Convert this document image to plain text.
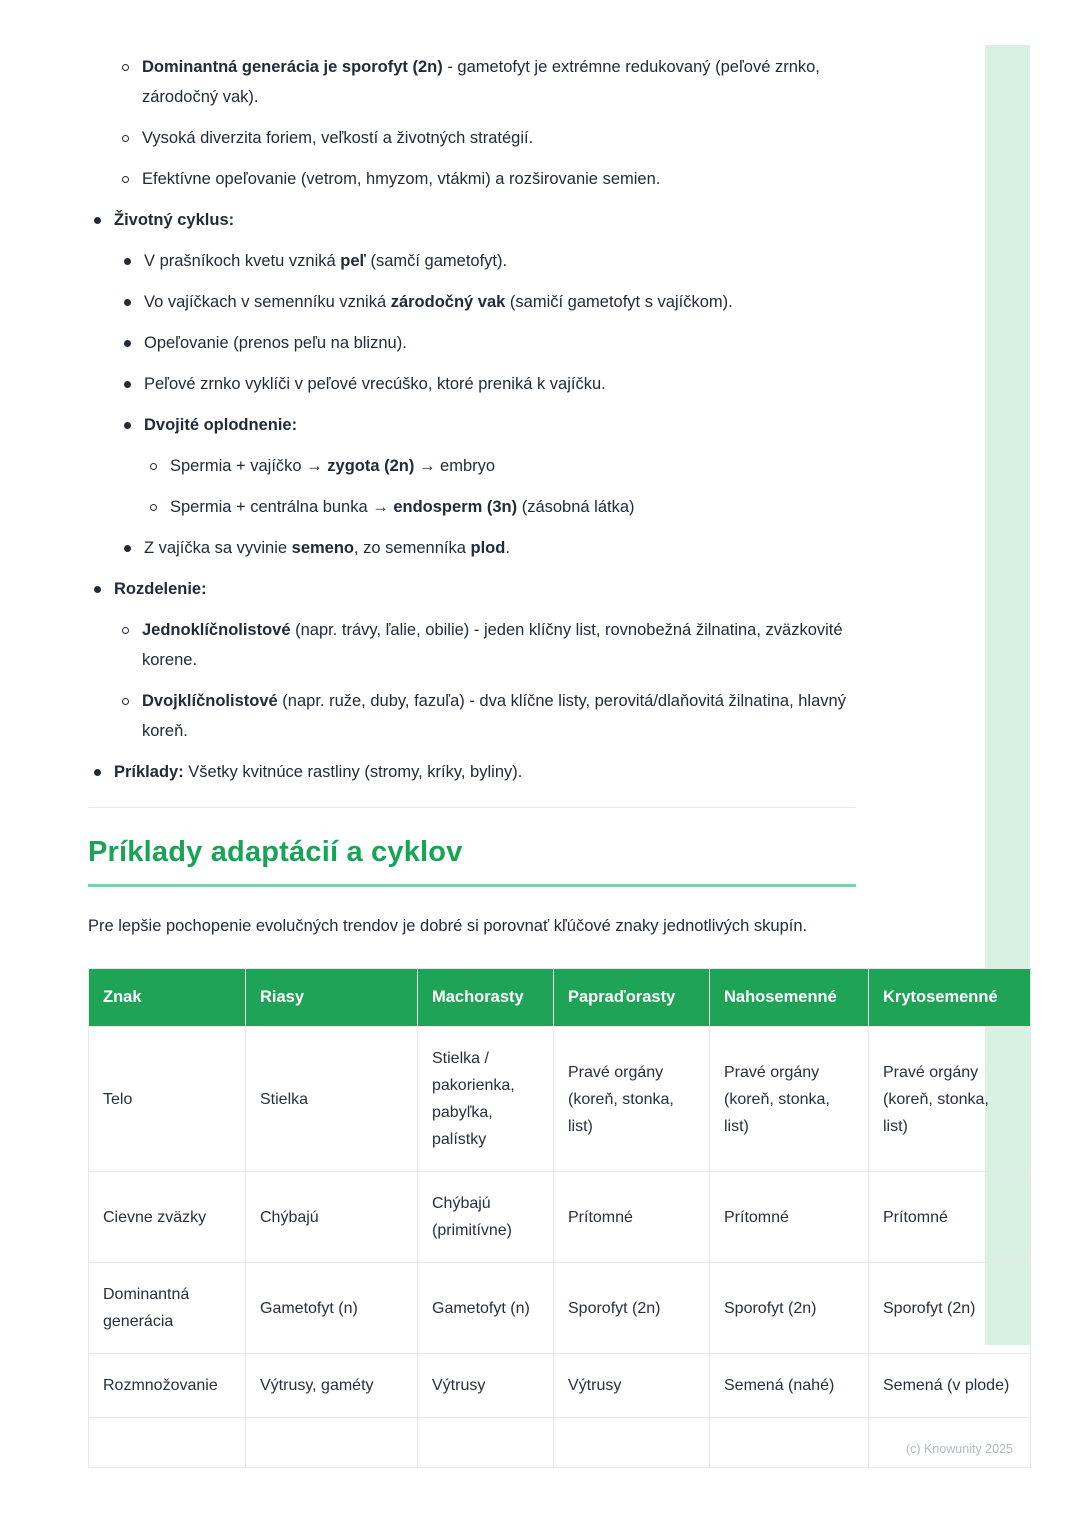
Dominantná generácia je sporofyt (2n) - gametofyt je extrémne redukovaný (peľové zrnko, zárodočný vak).
Vysoká diverzita foriem, veľkostí a životných stratégií.
Efektívne opeľovanie (vetrom, hmyzom, vtákmi) a rozširovanie semien.
Životný cyklus:
V prašníkoch kvetu vzniká peľ (samčí gametofyt).
Vo vajíčkach v semenníku vzniká zárodočný vak (samičí gametofyt s vajíčkom).
Opeľovanie (prenos peľu na bliznu).
Peľové zrnko vyklíči v peľové vrecúško, ktoré preniká k vajíčku.
Dvojité oplodnenie:
Spermia + vajíčko → zygota (2n) → embryo
Spermia + centrálna bunka → endosperm (3n) (zásobná látka)
Z vajíčka sa vyvinie semeno, zo semenníka plod.
Rozdelenie:
Jednoklíčnolistové (napr. trávy, ľalie, obilie) - jeden klíčny list, rovnobežná žilnatina, zväzkovité korene.
Dvojklíčnolistové (napr. ruže, duby, fazuľa) - dva klíčne listy, perovitá/dlaňovitá žilnatina, hlavný koreň.
Príklady: Všetky kvitnúce rastliny (stromy, kríky, byliny).
Príklady adaptácií a cyklov

Pre lepšie pochopenie evolučných trendov je dobré si porovnať kľúčové znaky jednotlivých skupín.

Znak	Riasy	Machorasty	Papraďorasty	Nahosemenné	Krytosemenné
Telo	Stielka	Stielka / pakorienka, pabyľka, palístky	Pravé orgány (koreň, stonka, list)	Pravé orgány (koreň, stonka, list)	Pravé orgány (koreň, stonka, list)
Cievne zväzky	Chýbajú	Chýbajú (primitívne)	Prítomné	Prítomné	Prítomné
Dominantná generácia	Gametofyt (n)	Gametofyt (n)	Sporofyt (2n)	Sporofyt (2n)	Sporofyt (2n)
Rozmnožovanie	Výtrusy, gaméty	Výtrusy	Výtrusy	Semená (nahé)	Semená (v plode)

(c) Knowunity 2025
